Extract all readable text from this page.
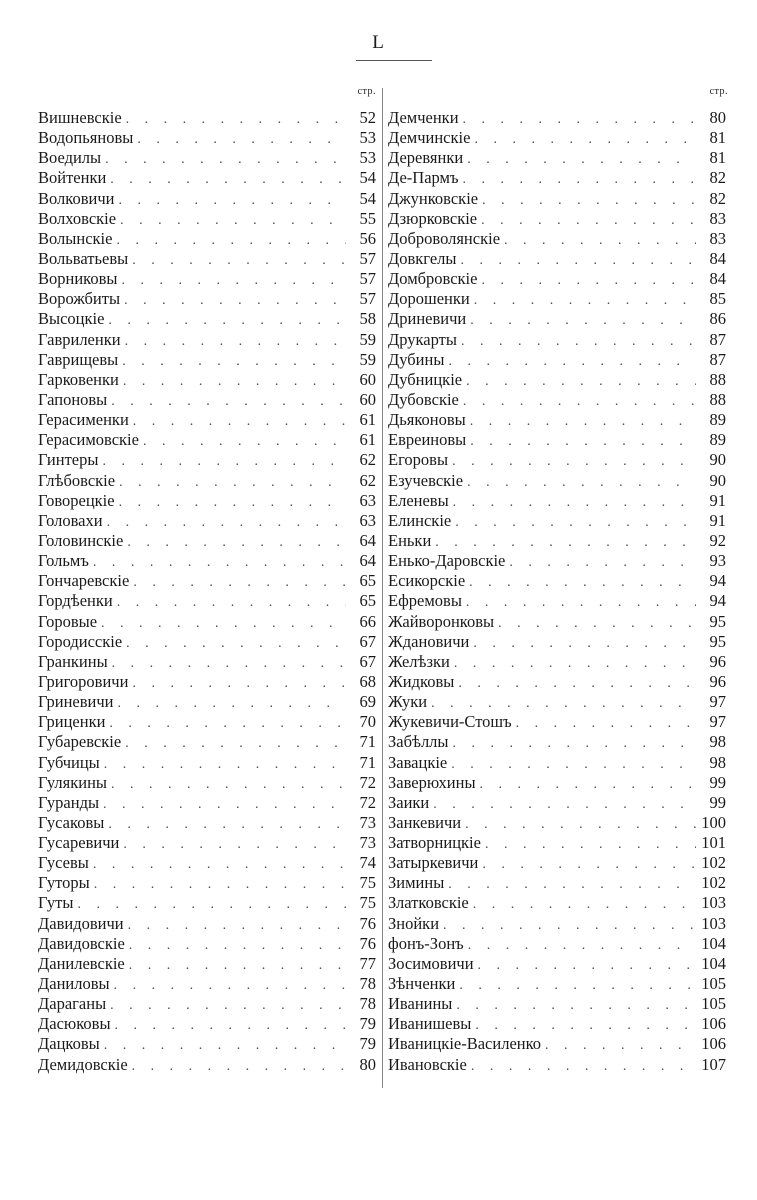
L
стр.	стр.
Вишневскіе . . .	52
Водопьяновы . . .	53
Воедилы . . .	53
Войтенки . . .	54
Волковичи . . .	54
Волховскіе . . .	55
Волынскіе . . .	56
Вольватьевы . . .	57
Ворниковы . . .	57
Ворожбиты . . .	57
Высоцкіе . . .	58
Гавриленки . . .	59
Гаврищевы . . .	59
Гарковенки . . .	60
Гапоновы . . .	60
Герасименки . . .	61
Герасимовскіе . . .	61
Гинтеры . . .	62
Глѣбовскіе . . .	62
Говорецкіе . . .	63
Головахи . . .	63
Головинскіе . . .	64
Гольмъ . . .	64
Гончаревскіе . . .	65
Гордѣенки . . .	65
Горовые . . .	66
Городисскіе . . .	67
Гранкины . . .	67
Григоровичи . . .	68
Гриневичи . . .	69
Гриценки . . .	70
Губаревскіе . . .	71
Губчицы . . .	71
Гулякины . . .	72
Гуранды . . .	72
Гусаковы . . .	73
Гусаревичи . . .	73
Гусевы . . .	74
Гуторы . . .	75
Гуты . . .	75
Давидовичи . . .	76
Давидовскіе . . .	76
Данилевскіе . . .	77
Даниловы . . .	78
Дараганы . . .	78
Дасюковы . . .	79
Дацковы . . .	79
Демидовскіе . . .	80
Демченки . . .	80
Демчинскіе . . .	81
Деревянки . . .	81
Де-Пармъ . . .	82
Джунковскіе . . .	82
Дзюрковскіе . . .	83
Доброволянскіе . . .	83
Довкгелы . . .	84
Домбровскіе . . .	84
Дорошенки . . .	85
Дриневичи . . .	86
Друкарты . . .	87
Дубины . . .	87
Дубницкіе . . .	88
Дубовскіе . . .	88
Дьяконовы . . .	89
Евреиновы . . .	89
Егоровы . . .	90
Езучевскіе . . .	90
Еленевы . . .	91
Елинскіе . . .	91
Еньки . . .	92
Енько-Даровскіе . . .	93
Есикорскіе . . .	94
Ефремовы . . .	94
Жайворонковы . . .	95
Ждановичи . . .	95
Желѣзки . . .	96
Жидковы . . .	96
Жуки . . .	97
Жукевичи-Стошъ . . .	97
Забѣллы . . .	98
Завацкіе . . .	98
Заверюхины . . .	99
Заики . . .	99
Занкевичи . . .	100
Затворницкіе . . .	101
Затыркевичи . . .	102
Зимины . . .	102
Златковскіе . . .	103
Знойки . . .	103
фонъ-Зонъ . . .	104
Зосимовичи . . .	104
Зѣнченки . . .	105
Иванины . . .	105
Иванишевы . . .	106
Иваницкіе-Василенко . . .	106
Ивановскіе . . .	107
